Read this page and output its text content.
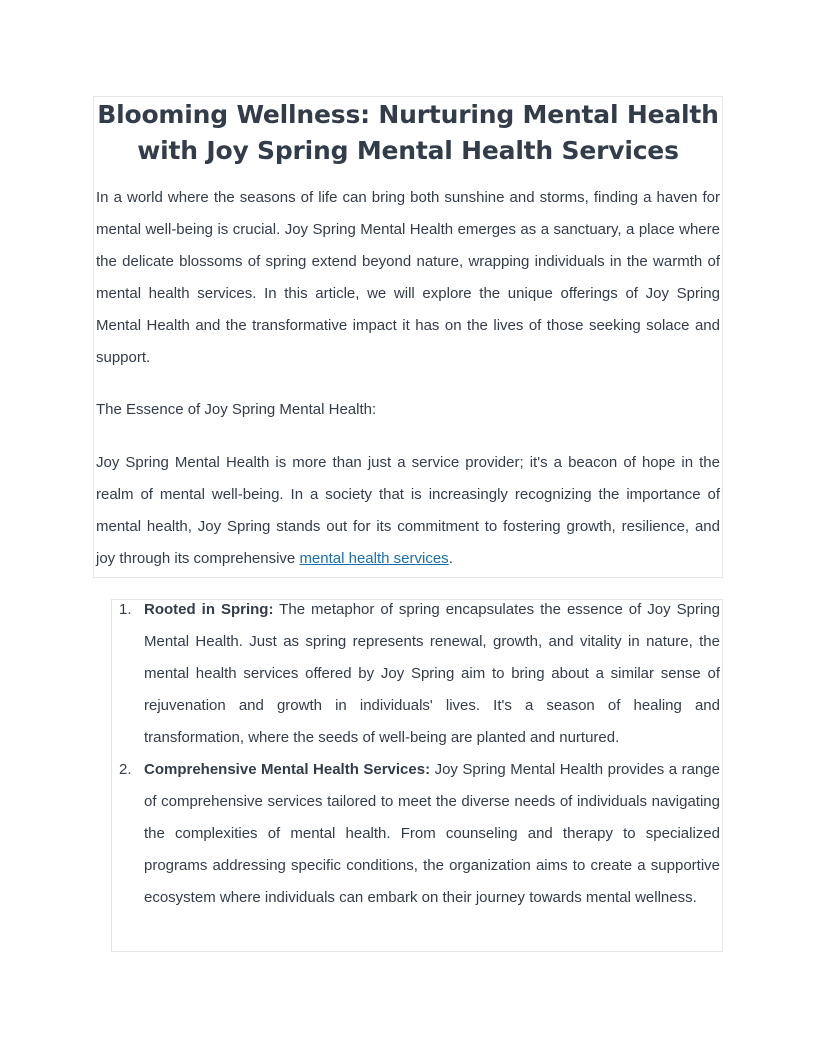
Blooming Wellness: Nurturing Mental Health with Joy Spring Mental Health Services

In a world where the seasons of life can bring both sunshine and storms, finding a haven for mental well-being is crucial. Joy Spring Mental Health emerges as a sanctuary, a place where the delicate blossoms of spring extend beyond nature, wrapping individuals in the warmth of mental health services. In this article, we will explore the unique offerings of Joy Spring Mental Health and the transformative impact it has on the lives of those seeking solace and support.

The Essence of Joy Spring Mental Health:

Joy Spring Mental Health is more than just a service provider; it's a beacon of hope in the realm of mental well-being. In a society that is increasingly recognizing the importance of mental health, Joy Spring stands out for its commitment to fostering growth, resilience, and joy through its comprehensive mental health services.

1. Rooted in Spring: The metaphor of spring encapsulates the essence of Joy Spring Mental Health. Just as spring represents renewal, growth, and vitality in nature, the mental health services offered by Joy Spring aim to bring about a similar sense of rejuvenation and growth in individuals' lives. It's a season of healing and transformation, where the seeds of well-being are planted and nurtured.
2. Comprehensive Mental Health Services: Joy Spring Mental Health provides a range of comprehensive services tailored to meet the diverse needs of individuals navigating the complexities of mental health. From counseling and therapy to specialized programs addressing specific conditions, the organization aims to create a supportive ecosystem where individuals can embark on their journey towards mental wellness.
